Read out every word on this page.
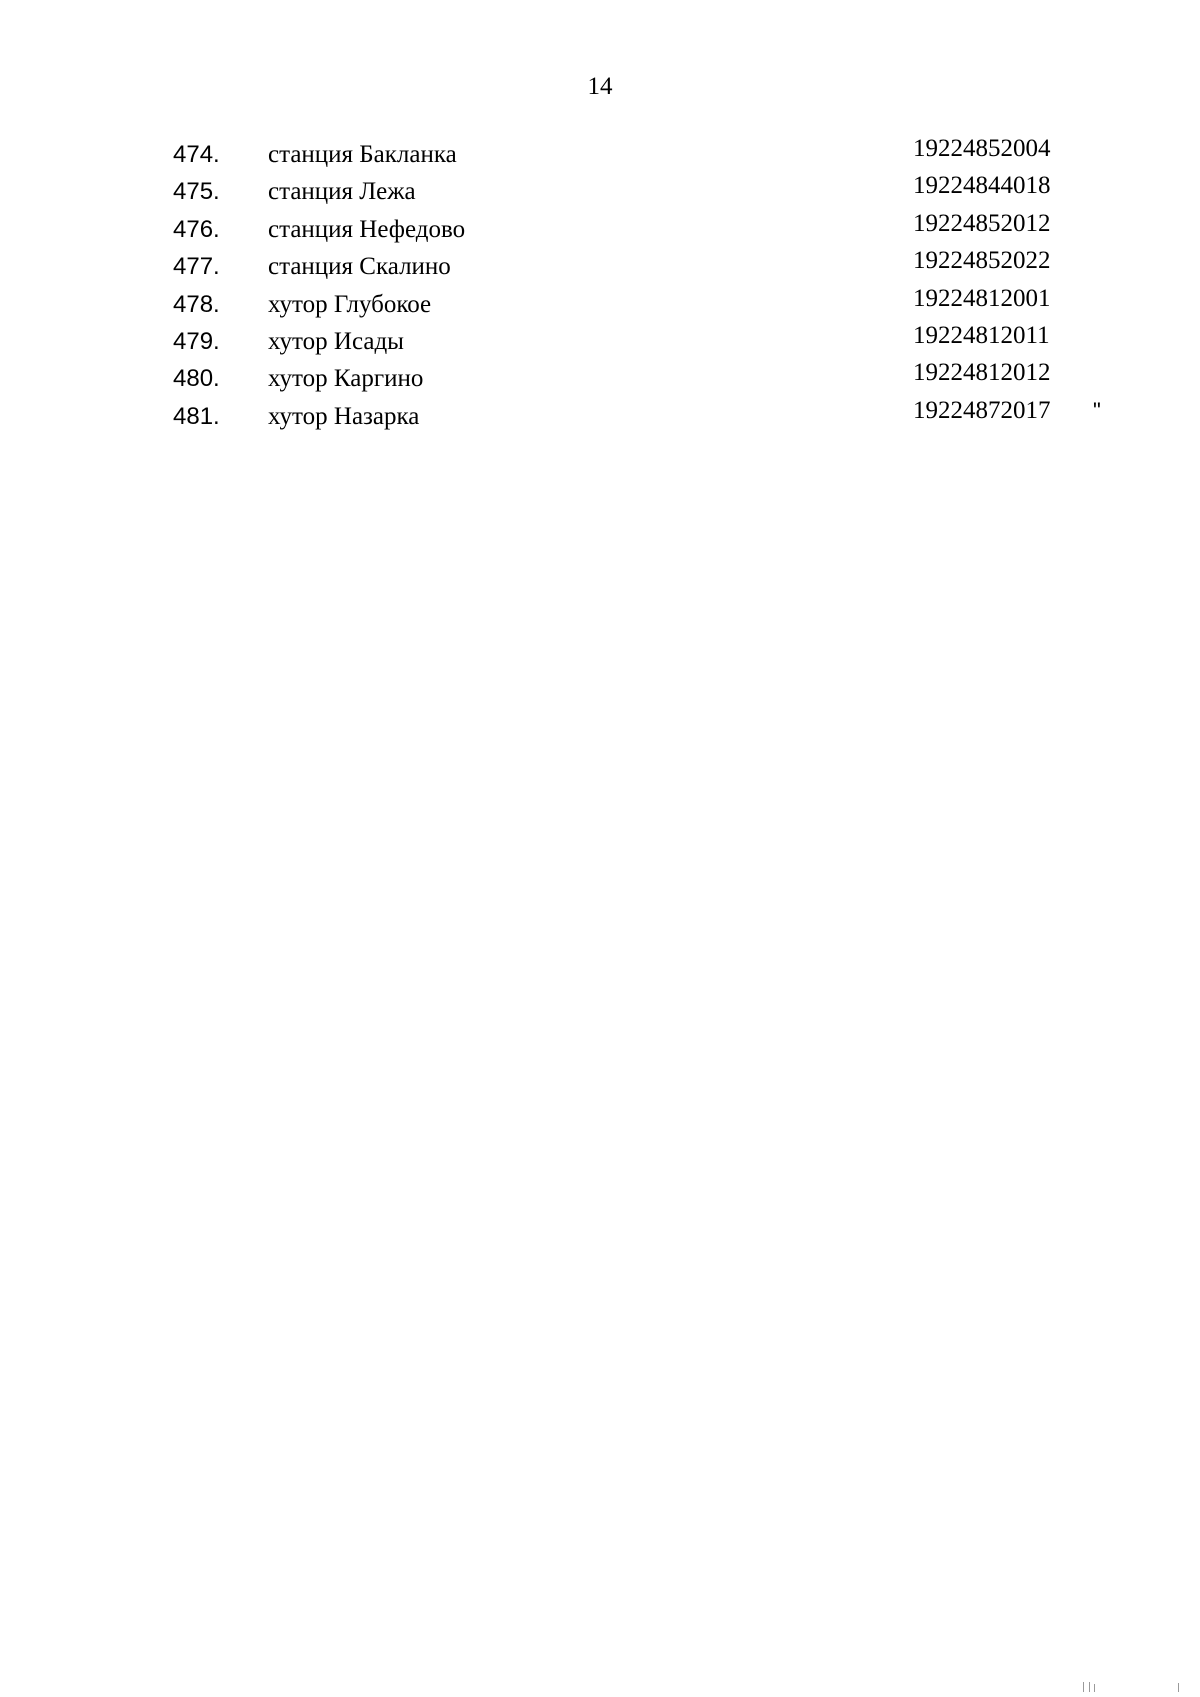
14
474. станция Бакланка	19224852004
475. станция Лежа	19224844018
476. станция Нефедово	19224852012
477. станция Скалино	19224852022
478. хутор Глубокое	19224812001
479. хутор Исады	19224812011
480. хутор Каргино	19224812012
481. хутор Назарка	19224872017 "
